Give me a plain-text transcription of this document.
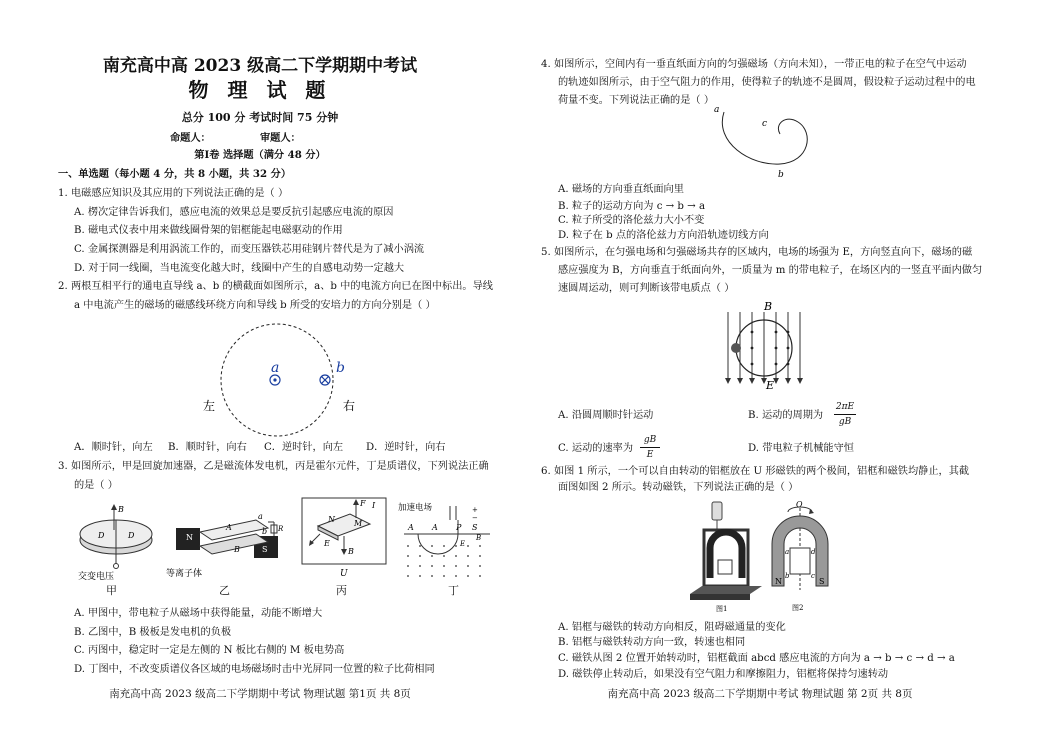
南充高中高 2023 级高二下学期期中考试
物 理 试 题
总分 100 分 考试时间 75 分钟
命题人：	审题人：
第Ⅰ卷 选择题（满分 48 分）
一、单选题（每小题 4 分，共 8 小题，共 32 分）
1. 电磁感应知识及其应用的下列说法正确的是（ ）
A. 楞次定律告诉我们，感应电流的效果总是要反抗引起感应电流的原因
B. 磁电式仪表中用来做线圈骨架的铝框能起电磁驱动的作用
C. 金属探测器是利用涡流工作的，而变压器铁芯用硅钢片替代是为了减小涡流
D. 对于同一线圈，当电流变化越大时，线圈中产生的自感电动势一定越大
2. 两根互相平行的通电直导线 a、b 的横截面如图所示，a、b 中的电流方向已在图中标出。导线
a 中电流产生的磁场的磁感线环绕方向和导线 b 所受的安培力的方向分别是（ ）
a	b
左	右
A．顺时针，向左 B．顺时针，向右 C．逆时针，向左 D．逆时针，向右
3. 如图所示，甲是回旋加速器，乙是磁流体发电机，丙是霍尔元件，丁是质谱仪，下列说法正确
的是（ ）
B
D	D
交变电压
N
S
a
b
A
B
R
等离子体
N M
F I
E
B
U
加速电场	+
−
A A P S
E
B
甲	乙	丙	丁
A. 甲图中，带电粒子从磁场中获得能量，动能不断增大
B. 乙图中，B 极板是发电机的负极
C. 丙图中，稳定时一定是左侧的 N 板比右侧的 M 板电势高
D. 丁图中，不改变质谱仪各区域的电场磁场时击中光屏同一位置的粒子比荷相同
南充高中高 2023 级高二下学期期中考试 物理试题 第1页 共 8页
4. 如图所示，空间内有一垂直纸面方向的匀强磁场（方向未知），一带正电的粒子在空气中运动
的轨迹如图所示，由于空气阻力的作用，使得粒子的轨迹不是圆周，假设粒子运动过程中的电
荷量不变。下列说法正确的是（ ）
a
c
b
A. 磁场的方向垂直纸面向里
B. 粒子的运动方向为 c → b → a
C. 粒子所受的洛伦兹力大小不变
D. 粒子在 b 点的洛伦兹力方向沿轨迹切线方向
5. 如图所示，在匀强电场和匀强磁场共存的区域内，电场的场强为 E，方向竖直向下，磁场的磁
感应强度为 B，方向垂直于纸面向外，一质量为 m 的带电粒子，在场区内的一竖直平面内做匀
速圆周运动，则可判断该带电质点（ ）
B
E
A. 沿圆周顺时针运动	B. 运动的周期为
2πE
gB
C. 运动的速率为
gB
E
D. 带电粒子机械能守恒
6. 如图 1 所示，一个可以自由转动的铝框放在 U 形磁铁的两个极间，铝框和磁铁均静止，其截
面图如图 2 所示。转动磁铁，下列说法正确的是（ ）
图1
O
N	S
a	d
b	c
图2
A. 铝框与磁铁的转动方向相反，阻碍磁通量的变化
B. 铝框与磁铁转动方向一致，转速也相同
C. 磁铁从图 2 位置开始转动时，铝框截面 abcd 感应电流的方向为 a → b → c → d → a
D. 磁铁停止转动后，如果没有空气阻力和摩擦阻力，铝框将保持匀速转动
南充高中高 2023 级高二下学期期中考试 物理试题 第 2页 共 8页
